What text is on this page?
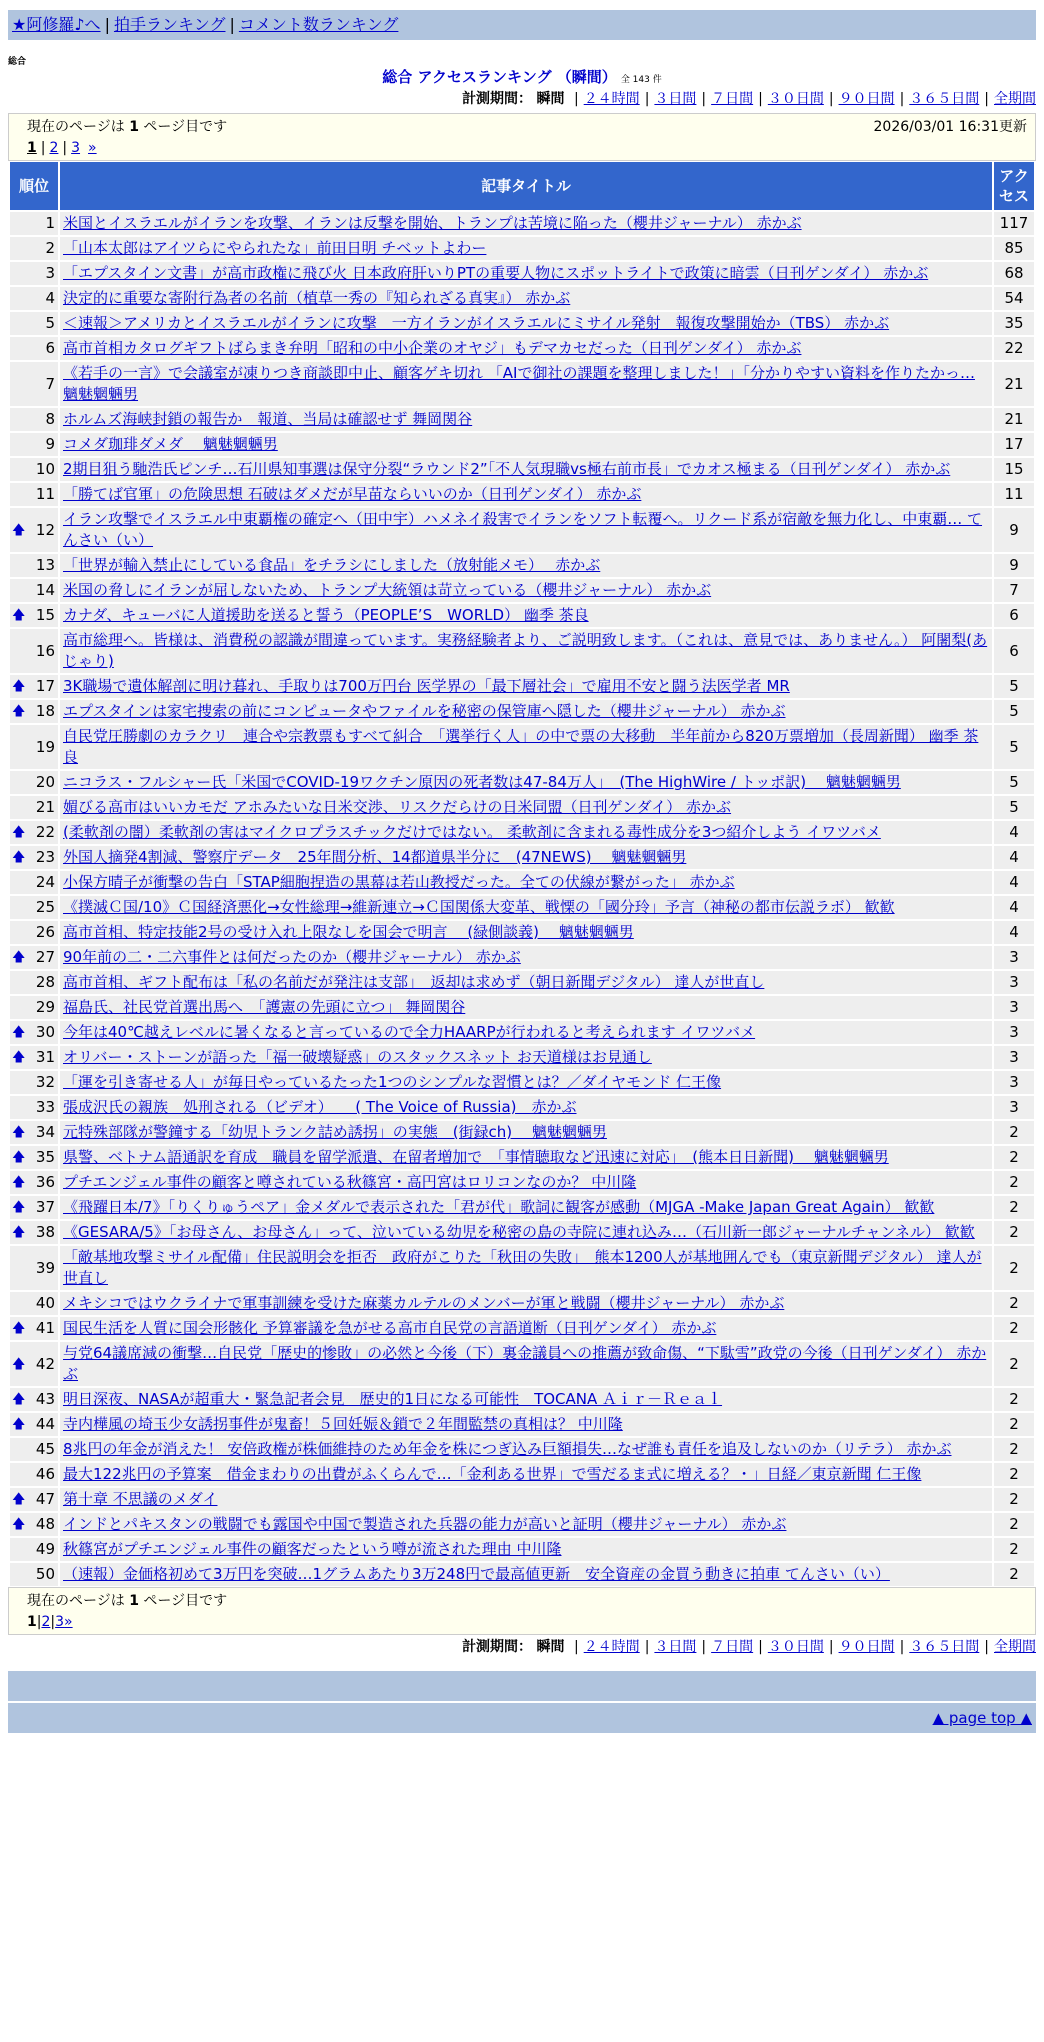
★阿修羅♪へ | 拍手ランキング | コメント数ランキング
総合
総合 アクセスランキング （瞬間） 全 143 件
計測期間： 瞬間 | ２４時間 | ３日間 | ７日間 | ３０日間 | ９０日間 | ３６５日間 | 全期間
現在のページは 1 ページ目です	2026/03/01 16:31更新
1 | 2 | 3 »
順位	記事タイトル	アクセス
1	米国とイスラエルがイランを攻撃、イランは反撃を開始、トランプは苦境に陥った（櫻井ジャーナル） 赤かぶ	117
2	「山本太郎はアイツらにやられたな」前田日明 チベットよわー	85
3	「エプスタイン文書」が高市政権に飛び火 日本政府肝いりPTの重要人物にスポットライトで政策に暗雲（日刊ゲンダイ） 赤かぶ	68
4	決定的に重要な寄附行為者の名前（植草一秀の『知られざる真実』） 赤かぶ	54
5	＜速報＞アメリカとイスラエルがイランに攻撃　一方イランがイスラエルにミサイル発射　報復攻撃開始か（TBS） 赤かぶ	35
6	高市首相カタログギフトばらまき弁明「昭和の中小企業のオヤジ」もデマカセだった（日刊ゲンダイ） 赤かぶ	22
7	《若手の一言》で会議室が凍りつき商談即中止、顧客ゲキ切れ 「AIで御社の課題を整理しました！」「分かりやすい資料を作りたかっ… 魑魅魍魎男	21
8	ホルムズ海峡封鎖の報告か　報道、当局は確認せず 舞岡関谷	21
9	コメダ珈琲ダメダ　 魑魅魍魎男	17
10	2期目狙う馳浩氏ピンチ…石川県知事選は保守分裂“ラウンド2”「不人気現職vs極右前市長」でカオス極まる（日刊ゲンダイ） 赤かぶ	15
11	「勝てば官軍」の危険思想 石破はダメだが早苗ならいいのか（日刊ゲンダイ） 赤かぶ	11

🡅 12	イラン攻撃でイスラエル中東覇権の確定へ（田中宇）ハメネイ殺害でイランをソフト転覆へ。リクード系が宿敵を無力化し、中東覇… てんさい（い）	9
13	「世界が輸入禁止にしている食品」をチラシにしました（放射能メモ）　 赤かぶ	9
14	米国の脅しにイランが屈しないため、トランプ大統領は苛立っている（櫻井ジャーナル） 赤かぶ	7

🡅 15	カナダ、キューバに人道援助を送ると誓う（PEOPLE’S　WORLD） 幽季 茶良	6
16	高市総理へ。皆様は、消費税の認識が間違っています。実務経験者より、ご説明致します。（これは、意見では、ありません。） 阿闍梨(あじゃり)	6

🡅 17	3K職場で遺体解剖に明け暮れ、手取りは700万円台 医学界の「最下層社会」で雇用不安と闘う法医学者 MR	5

🡅 18	エプスタインは家宅捜索の前にコンピュータやファイルを秘密の保管庫へ隠した（櫻井ジャーナル） 赤かぶ	5
19	自民党圧勝劇のカラクリ　連合や宗教票もすべて糾合　「選挙行く人」の中で票の大移動　半年前から820万票増加（長周新聞） 幽季 茶良	5
20	ニコラス・フルシャー氏「米国でCOVID-19ワクチン原因の死者数は47-84万人」　(The HighWire / トッポ訳)　 魑魅魍魎男	5
21	媚びる高市はいいカモだ アホみたいな日米交渉、リスクだらけの日米同盟（日刊ゲンダイ） 赤かぶ	5

🡅 22	(柔軟剤の闇）柔軟剤の害はマイクロプラスチックだけではない。 柔軟剤に含まれる毒性成分を3つ紹介しよう イワツバメ	4

🡅 23	外国人摘発4割減、警察庁データ　25年間分析、14都道県半分に　(47NEWS)　 魑魅魍魎男	4
24	小保方晴子が衝撃の告白「STAP細胞捏造の黒幕は若山教授だった。全ての伏線が繋がった」 赤かぶ	4
25	《撲滅Ｃ国/10》Ｃ国経済悪化→女性総理→維新連立→Ｃ国関係大変革、戦慄の「國分玲」予言（神秘の都市伝説ラボ） 歓歓	4
26	高市首相、特定技能2号の受け入れ上限なしを国会で明言　 (緑側談義)　 魑魅魍魎男	4

🡅 27	90年前の二・二六事件とは何だったのか（櫻井ジャーナル） 赤かぶ	3
28	高市首相、ギフト配布は「私の名前だが発注は支部」　返却は求めず（朝日新聞デジタル） 達人が世直し	3
29	福島氏、社民党首選出馬へ　「護憲の先頭に立つ」 舞岡関谷	3

🡅 30	今年は40℃越えレベルに暑くなると言っているので全力HAARPが行われると考えられます イワツバメ	3

🡅 31	オリバー・ストーンが語った「福一破壊疑惑」のスタックスネット お天道様はお見通し	3
32	「運を引き寄せる人」が毎日やっているたった1つのシンプルな習慣とは？／ダイヤモンド 仁王像	3
33	張成沢氏の親族　処刑される（ビデオ）　　( The Voice of Russia)　赤かぶ	3

🡅 34	元特殊部隊が警鐘する「幼児トランク詰め誘拐」の実態　(街録ch)　 魑魅魍魎男	2

🡅 35	県警、ベトナム語通訳を育成　職員を留学派遣、在留者増加で　「事情聴取など迅速に対応」　(熊本日日新聞)　 魑魅魍魎男	2

🡅 36	プチエンジェル事件の顧客と噂されている秋篠宮・高円宮はロリコンなのか？ 中川隆	2

🡅 37	《飛躍日本/7》「りくりゅうペア」金メダルで表示された「君が代」歌詞に観客が感動（MJGA -Make Japan Great Again） 歓歓	2

🡅 38	《GESARA/5》「お母さん、お母さん」って、泣いている幼児を秘密の島の寺院に連れ込み…（石川新一郎ジャーナルチャンネル） 歓歓	2
39	「敵基地攻撃ミサイル配備」住民説明会を拒否　政府がこりた「秋田の失敗」　熊本1200人が基地囲んでも（東京新聞デジタル） 達人が世直し	2
40	メキシコではウクライナで軍事訓練を受けた麻薬カルテルのメンバーが軍と戦闘（櫻井ジャーナル） 赤かぶ	2

🡅 41	国民生活を人質に国会形骸化 予算審議を急がせる高市自民党の言語道断（日刊ゲンダイ） 赤かぶ	2

🡅 42	与党64議席減の衝撃…自民党「歴史的惨敗」の必然と今後（下）裏金議員への推薦が致命傷、“下駄雪”政党の今後（日刊ゲンダイ） 赤かぶ	2

🡅 43	明日深夜、NASAが超重大・緊急記者会見　歴史的1日になる可能性　TOCANA Ａｉｒ－Ｒｅａｌ	2

🡅 44	寺内樺風の埼玉少女誘拐事件が鬼畜！５回妊娠＆鎖で２年間監禁の真相は？ 中川隆	2
45	8兆円の年金が消えた！ 安倍政権が株価維持のため年金を株につぎ込み巨額損失…なぜ誰も責任を追及しないのか（リテラ） 赤かぶ	2
46	最大122兆円の予算案　借金まわりの出費がふくらんで…「金利ある世界」で雪だるま式に増える？・」日経／東京新聞 仁王像	2

🡅 47	第十章 不思議のメダイ	2

🡅 48	インドとパキスタンの戦闘でも露国や中国で製造された兵器の能力が高いと証明（櫻井ジャーナル） 赤かぶ	2
49	秋篠宮がプチエンジェル事件の顧客だったという噂が流された理由 中川隆	2
50	（速報）金価格初めて3万円を突破…1グラムあたり3万248円で最高値更新　安全資産の金買う動きに拍車 てんさい（い）	2
現在のページは 1 ページ目です
1|2|3»
計測期間： 瞬間 | ２４時間 | ３日間 | ７日間 | ３０日間 | ９０日間 | ３６５日間 | 全期間
▲ page top ▲
